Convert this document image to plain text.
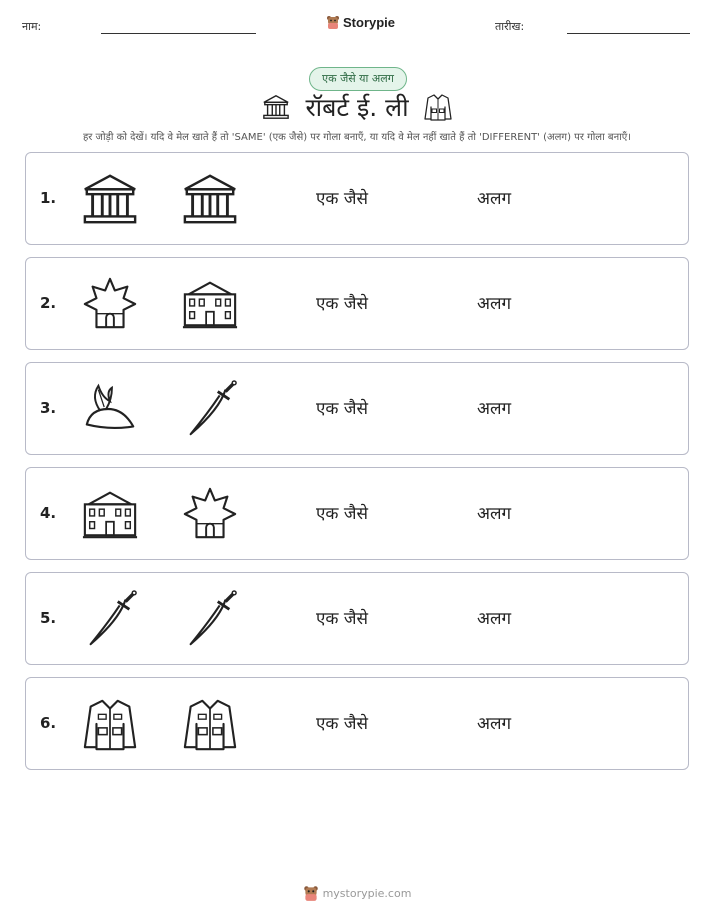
नाम:	Storypie	तारीख:
एक जैसे या अलग
रॉबर्ट ई. ली
हर जोड़ी को देखें। यदि वे मेल खाते हैं तो 'SAME' (एक जैसे) पर गोला बनाएँ, या यदि वे मेल नहीं खाते हैं तो 'DIFFERENT' (अलग) पर गोला बनाएँ।
1.	एक जैसे	अलग
2.	एक जैसे	अलग
3.	एक जैसे	अलग
4.	एक जैसे	अलग
5.	एक जैसे	अलग
6.	एक जैसे	अलग
mystorypie.com
